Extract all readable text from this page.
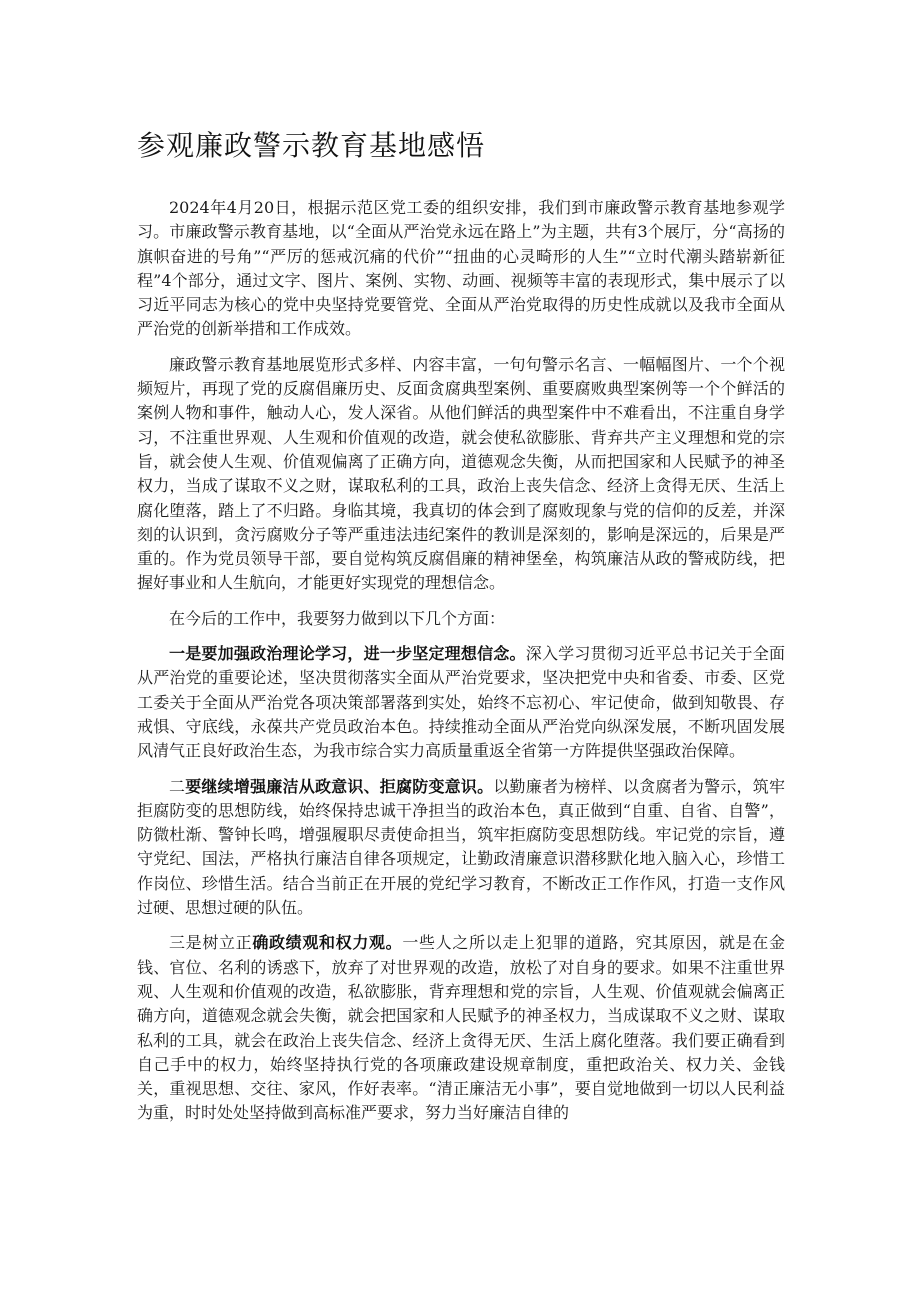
参观廉政警示教育基地感悟

2024年4月20日，根据示范区党工委的组织安排，我们到市廉政警示教育基地参观学习。市廉政警示教育基地，以“全面从严治党永远在路上”为主题，共有3个展厅，分“高扬的旗帜奋进的号角”“严厉的惩戒沉痛的代价”“扭曲的心灵畸形的人生”“立时代潮头踏崭新征程”4个部分，通过文字、图片、案例、实物、动画、视频等丰富的表现形式，集中展示了以习近平同志为核心的党中央坚持党要管党、全面从严治党取得的历史性成就以及我市全面从严治党的创新举措和工作成效。

廉政警示教育基地展览形式多样、内容丰富，一句句警示名言、一幅幅图片、一个个视频短片，再现了党的反腐倡廉历史、反面贪腐典型案例、重要腐败典型案例等一个个鲜活的案例人物和事件，触动人心，发人深省。从他们鲜活的典型案件中不难看出，不注重自身学习，不注重世界观、人生观和价值观的改造，就会使私欲膨胀、背弃共产主义理想和党的宗旨，就会使人生观、价值观偏离了正确方向，道德观念失衡，从而把国家和人民赋予的神圣权力，当成了谋取不义之财，谋取私利的工具，政治上丧失信念、经济上贪得无厌、生活上腐化堕落，踏上了不归路。身临其境，我真切的体会到了腐败现象与党的信仰的反差，并深刻的认识到，贪污腐败分子等严重违法违纪案件的教训是深刻的，影响是深远的，后果是严重的。作为党员领导干部，要自觉构筑反腐倡廉的精神堡垒，构筑廉洁从政的警戒防线，把握好事业和人生航向，才能更好实现党的理想信念。

在今后的工作中，我要努力做到以下几个方面：

一是要加强政治理论学习，进一步坚定理想信念。深入学习贯彻习近平总书记关于全面从严治党的重要论述，坚决贯彻落实全面从严治党要求，坚决把党中央和省委、市委、区党工委关于全面从严治党各项决策部署落到实处，始终不忘初心、牢记使命，做到知敬畏、存戒惧、守底线，永葆共产党员政治本色。持续推动全面从严治党向纵深发展，不断巩固发展风清气正良好政治生态，为我市综合实力高质量重返全省第一方阵提供坚强政治保障。

二要继续增强廉洁从政意识、拒腐防变意识。以勤廉者为榜样、以贪腐者为警示，筑牢拒腐防变的思想防线，始终保持忠诚干净担当的政治本色，真正做到“自重、自省、自警”，防微杜渐、警钟长鸣，增强履职尽责使命担当，筑牢拒腐防变思想防线。牢记党的宗旨，遵守党纪、国法，严格执行廉洁自律各项规定，让勤政清廉意识潜移默化地入脑入心，珍惜工作岗位、珍惜生活。结合当前正在开展的党纪学习教育，不断改正工作作风，打造一支作风过硬、思想过硬的队伍。

三是树立正确政绩观和权力观。一些人之所以走上犯罪的道路，究其原因，就是在金钱、官位、名利的诱惑下，放弃了对世界观的改造，放松了对自身的要求。如果不注重世界观、人生观和价值观的改造，私欲膨胀，背弃理想和党的宗旨，人生观、价值观就会偏离正确方向，道德观念就会失衡，就会把国家和人民赋予的神圣权力，当成谋取不义之财、谋取私利的工具，就会在政治上丧失信念、经济上贪得无厌、生活上腐化堕落。我们要正确看到自己手中的权力，始终坚持执行党的各项廉政建设规章制度，重把政治关、权力关、金钱关，重视思想、交往、家风，作好表率。“清正廉洁无小事”，要自觉地做到一切以人民利益为重，时时处处坚持做到高标准严要求，努力当好廉洁自律的
